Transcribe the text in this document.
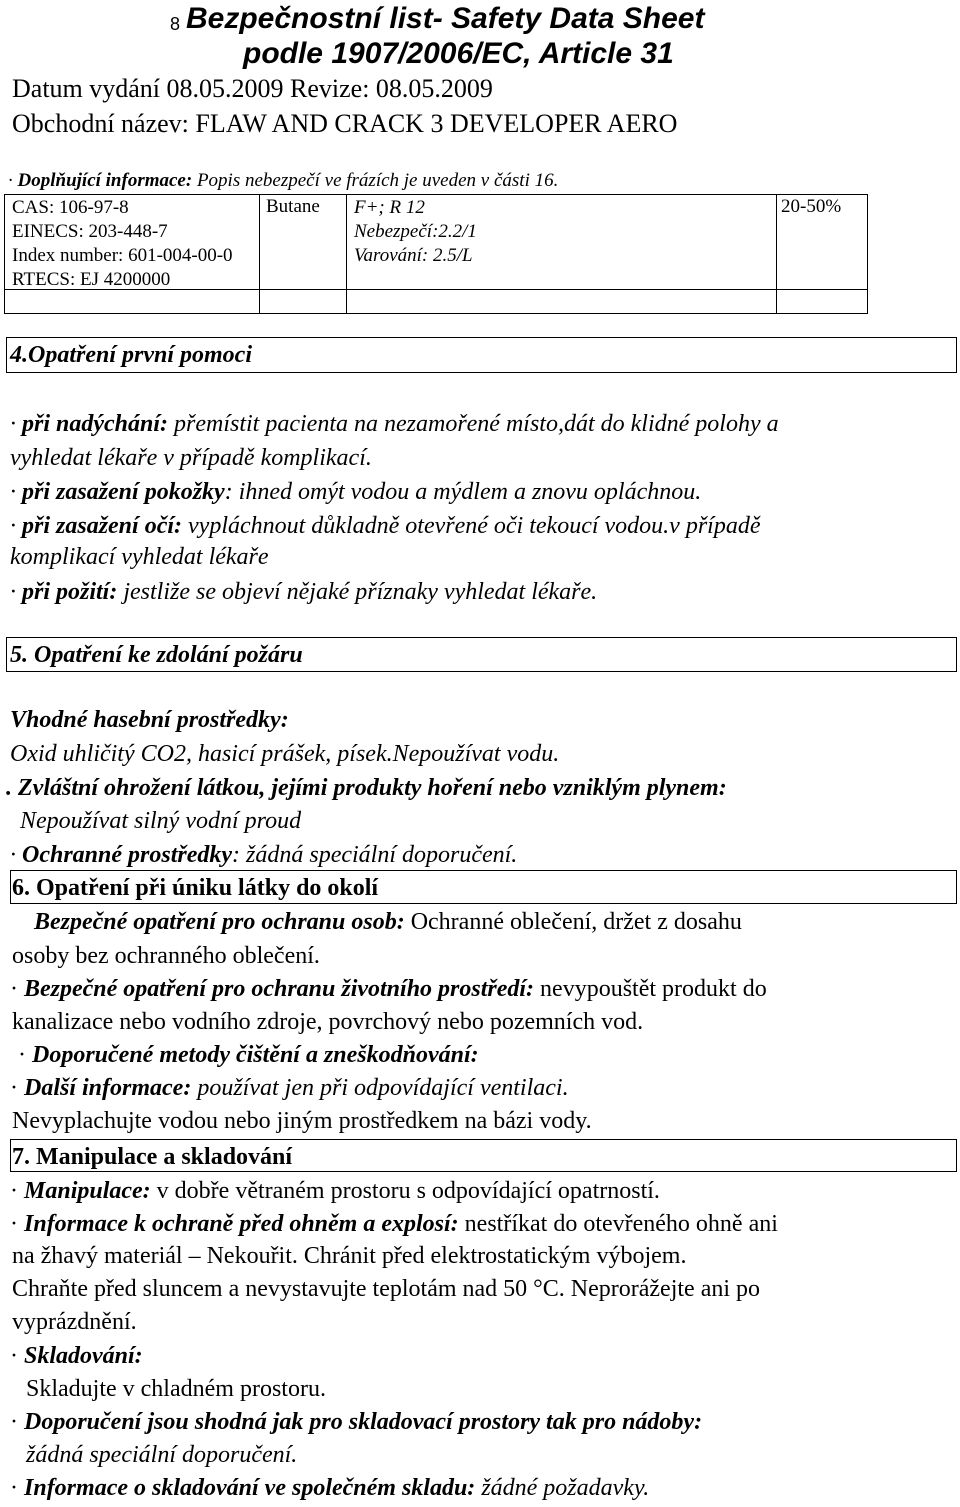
8 Bezpečnostní list- Safety Data Sheet
podle 1907/2006/EC, Article 31
Datum vydání 08.05.2009 Revize: 08.05.2009
Obchodní název: FLAW AND CRACK 3 DEVELOPER AERO
· Doplňující informace: Popis nebezpečí ve frázích je uveden v části 16.
CAS: 106-97-8
EINECS: 203-448-7
Index number: 601-004-00-0
RTECS: EJ 4200000
Butane F+; R 12
Nebezpečí:2.2/1
Varování: 2.5/L
20-50%
4.Opatření první pomoci
· při nadýchání: přemístit pacienta na nezamořené místo,dát do klidné polohy a
vyhledat lékaře v případě komplikací.
· při zasažení pokožky: ihned omýt vodou a mýdlem a znovu opláchnou.
· při zasažení očí: vypláchnout důkladně otevřené oči tekoucí vodou.v případě
komplikací vyhledat lékaře
· při požití: jestliže se objeví nějaké příznaky vyhledat lékaře.
5. Opatření ke zdolání požáru
Vhodné hasební prostředky:
Oxid uhličitý CO2, hasicí prášek, písek.Nepoužívat vodu.
. Zvláštní ohrožení látkou, jejími produkty hoření nebo vzniklým plynem:
Nepoužívat silný vodní proud
· Ochranné prostředky: žádná speciální doporučení.
6. Opatření při úniku látky do okolí
Bezpečné opatření pro ochranu osob: Ochranné oblečení, držet z dosahu
osoby bez ochranného oblečení.
· Bezpečné opatření pro ochranu životního prostředí: nevypouštět produkt do
kanalizace nebo vodního zdroje, povrchový nebo pozemních vod.
· Doporučené metody čištění a zneškodňování:
· Další informace: používat jen při odpovídající ventilaci.
Nevyplachujte vodou nebo jiným prostředkem na bázi vody.
7. Manipulace a skladování
· Manipulace: v dobře větraném prostoru s odpovídající opatrností.
· Informace k ochraně před ohněm a explosí: nestříkat do otevřeného ohně ani
na žhavý materiál – Nekouřit. Chránit před elektrostatickým výbojem.
Chraňte před sluncem a nevystavujte teplotám nad 50 °C. Neprorážejte ani po
vyprázdnění.
· Skladování:
Skladujte v chladném prostoru.
· Doporučení jsou shodná jak pro skladovací prostory tak pro nádoby:
žádná speciální doporučení.
· Informace o skladování ve společném skladu: žádné požadavky.
